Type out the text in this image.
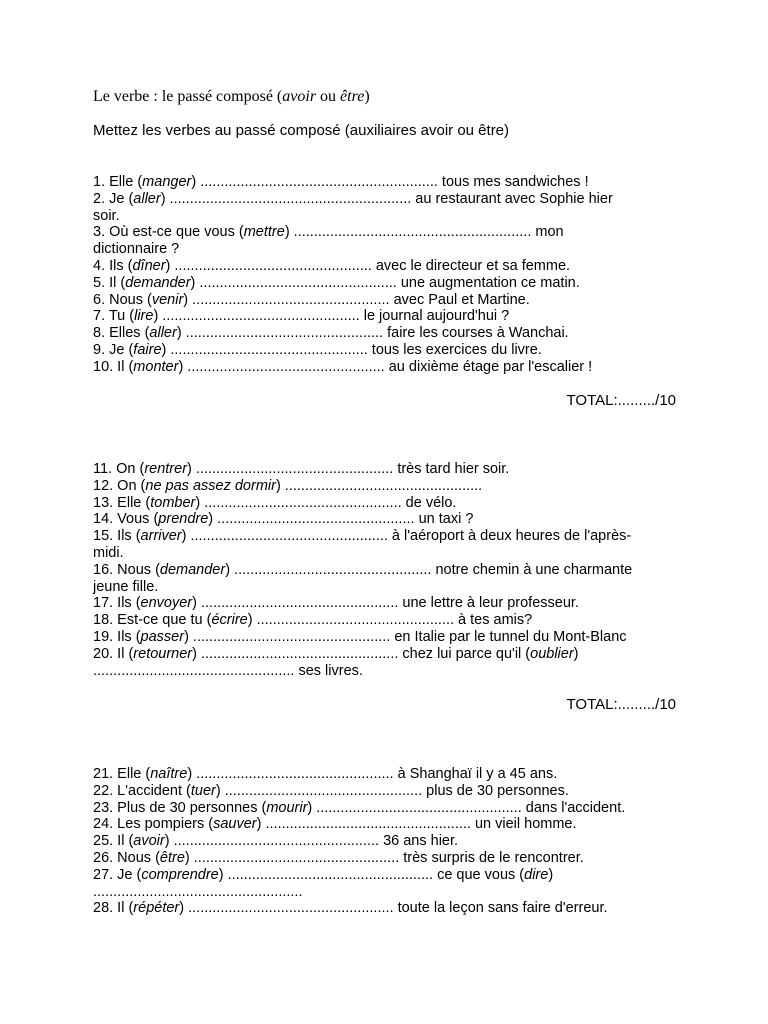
Le verbe : le passé composé (avoir ou être)
Mettez les verbes au passé composé (auxiliaires avoir ou être)
1. Elle (manger) ........................................................... tous mes sandwiches !
2. Je (aller) ............................................................ au restaurant avec Sophie hier
soir.
3. Où est-ce que vous (mettre) ........................................................... mon
dictionnaire ?
4. Ils (dîner) ................................................. avec le directeur et sa femme.
5. Il (demander) ................................................. une augmentation ce matin.
6. Nous (venir) ................................................. avec Paul et Martine.
7. Tu (lire) ................................................. le journal aujourd'hui ?
8. Elles (aller) ................................................. faire les courses à Wanchai.
9. Je (faire) ................................................. tous les exercices du livre.
10. Il (monter) ................................................. au dixième étage par l'escalier !
TOTAL:........./10
11. On (rentrer) ................................................. très tard hier soir.
12. On (ne pas assez dormir) .................................................
13. Elle (tomber) ................................................. de vélo.
14. Vous (prendre) ................................................. un taxi ?
15. Ils (arriver) ................................................. à l'aéroport à deux heures de l'après-
midi.
16. Nous (demander) ................................................. notre chemin à une charmante
jeune fille.
17. Ils (envoyer) ................................................. une lettre à leur professeur.
18. Est-ce que tu (écrire) ................................................. à tes amis?
19. Ils (passer) ................................................. en Italie par le tunnel du Mont-Blanc
20. Il (retourner) ................................................. chez lui parce qu'il (oublier)
.................................................. ses livres.
TOTAL:........./10
21. Elle (naître) ................................................. à Shanghaï il y a 45 ans.
22. L'accident (tuer) ................................................. plus de 30 personnes.
23. Plus de 30 personnes (mourir) ................................................... dans l'accident.
24. Les pompiers (sauver) ................................................... un vieil homme.
25. Il (avoir) ................................................... 36 ans hier.
26. Nous (être) ................................................... très surpris de le rencontrer.
27. Je (comprendre) ................................................... ce que vous (dire)
....................................................
28. Il (répéter) ................................................... toute la leçon sans faire d'erreur.
